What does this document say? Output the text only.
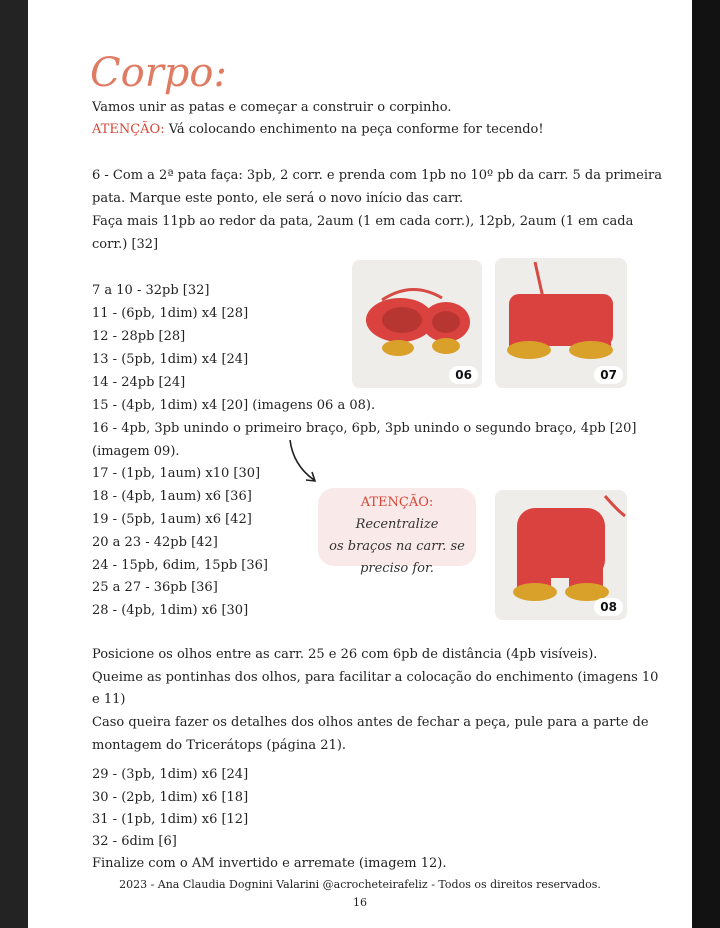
Corpo:
Vamos unir as patas e começar a construir o corpinho.
ATENÇÃO: Vá colocando enchimento na peça conforme for tecendo!
6 - Com a 2ª pata faça: 3pb, 2 corr. e prenda com 1pb no 10º pb da carr. 5 da primeira
pata. Marque este ponto, ele será o novo início das carr.
Faça mais 11pb ao redor da pata, 2aum (1 em cada corr.), 12pb, 2aum (1 em cada
corr.) [32]
7 a 10 - 32pb [32]
11 - (6pb, 1dim) x4 [28]
12 - 28pb [28]
13 - (5pb, 1dim) x4 [24]
14 - 24pb [24]
15 - (4pb, 1dim) x4 [20] (imagens 06 a 08).
16 - 4pb, 3pb unindo o primeiro braço, 6pb, 3pb unindo o segundo braço, 4pb [20]
(imagem 09).
17 - (1pb, 1aum) x10 [30]
18 - (4pb, 1aum) x6 [36]
19 - (5pb, 1aum) x6 [42]
20 a 23 - 42pb [42]
24 - 15pb, 6dim, 15pb [36]
25 a 27 - 36pb [36]
28 - (4pb, 1dim) x6 [30]
ATENÇÃO: Recentralize
os braços na carr. se
preciso for.
06	07
08
Posicione os olhos entre as carr. 25 e 26 com 6pb de distância (4pb visíveis).
Queime as pontinhas dos olhos, para facilitar a colocação do enchimento (imagens 10
e 11)
Caso queira fazer os detalhes dos olhos antes de fechar a peça, pule para a parte de
montagem do Tricerátops (página 21).
29 - (3pb, 1dim) x6 [24]
30 - (2pb, 1dim) x6 [18]
31 - (1pb, 1dim) x6 [12]
32 - 6dim [6]
Finalize com o AM invertido e arremate (imagem 12).
2023 - Ana Claudia Dognini Valarini @acrocheteirafeliz - Todos os direitos reservados.
16
